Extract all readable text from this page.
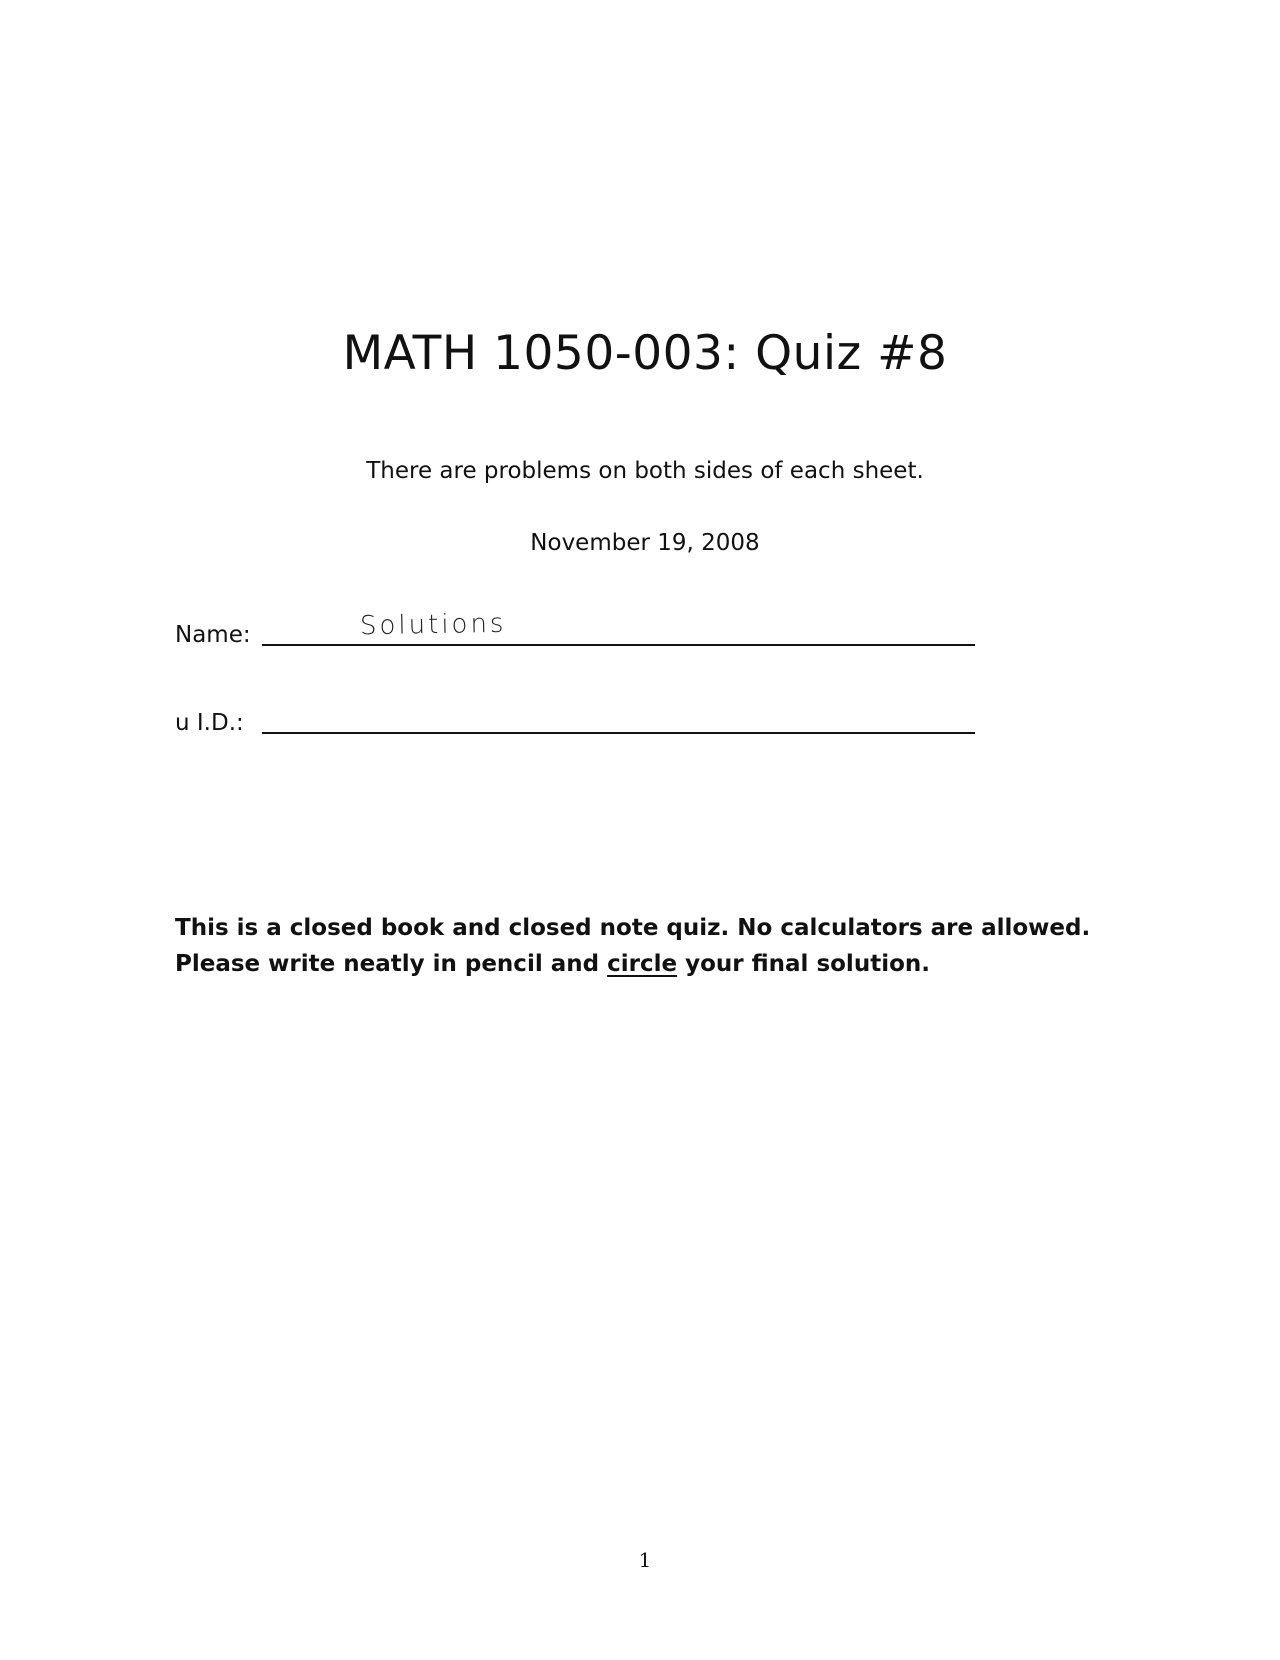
MATH 1050-003: Quiz #8

There are problems on both sides of each sheet.

November 19, 2008

Name:	Solutions
u I.D.:
This is a closed book and closed note quiz. No calculators are allowed.
Please write neatly in pencil and circle your final solution.
1
